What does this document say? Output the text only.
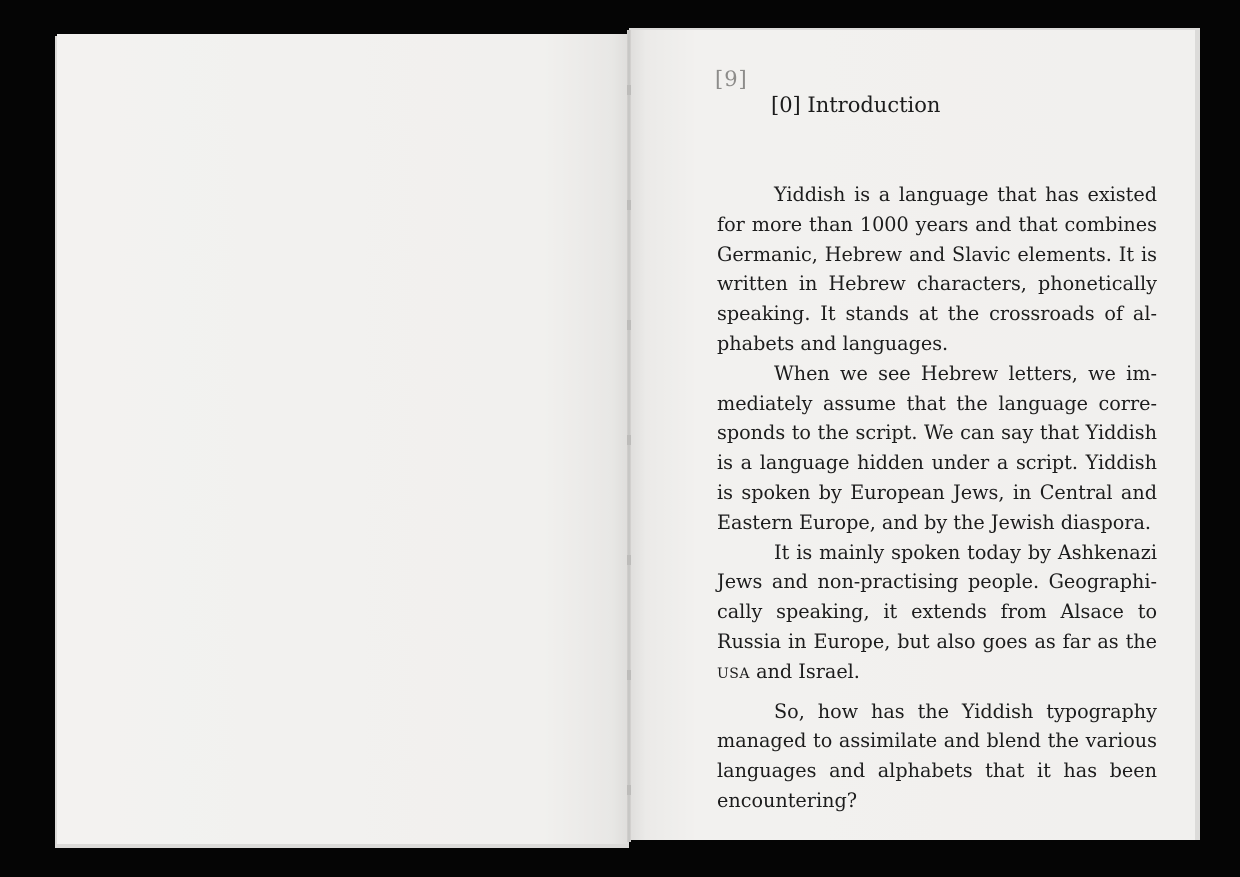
[9]
[0] Introduction

Yiddish is a language that has existed for more than 1000 years and that combines Germanic, Hebrew and Slavic elements. It is written in Hebrew characters, phonetically speaking. It stands at the crossroads of alphabets and languages.

When we see Hebrew letters, we immediately assume that the language corresponds to the script. We can say that Yiddish is a language hidden under a script. Yiddish is spoken by European Jews, in Central and Eastern Europe, and by the Jewish diaspora.

It is mainly spoken today by Ashkenazi Jews and non-practising people. Geographically speaking, it extends from Alsace to Russia in Europe, but also goes as far as the USA and Israel.

So, how has the Yiddish typography managed to assimilate and blend the various languages and alphabets that it has been encountering?
